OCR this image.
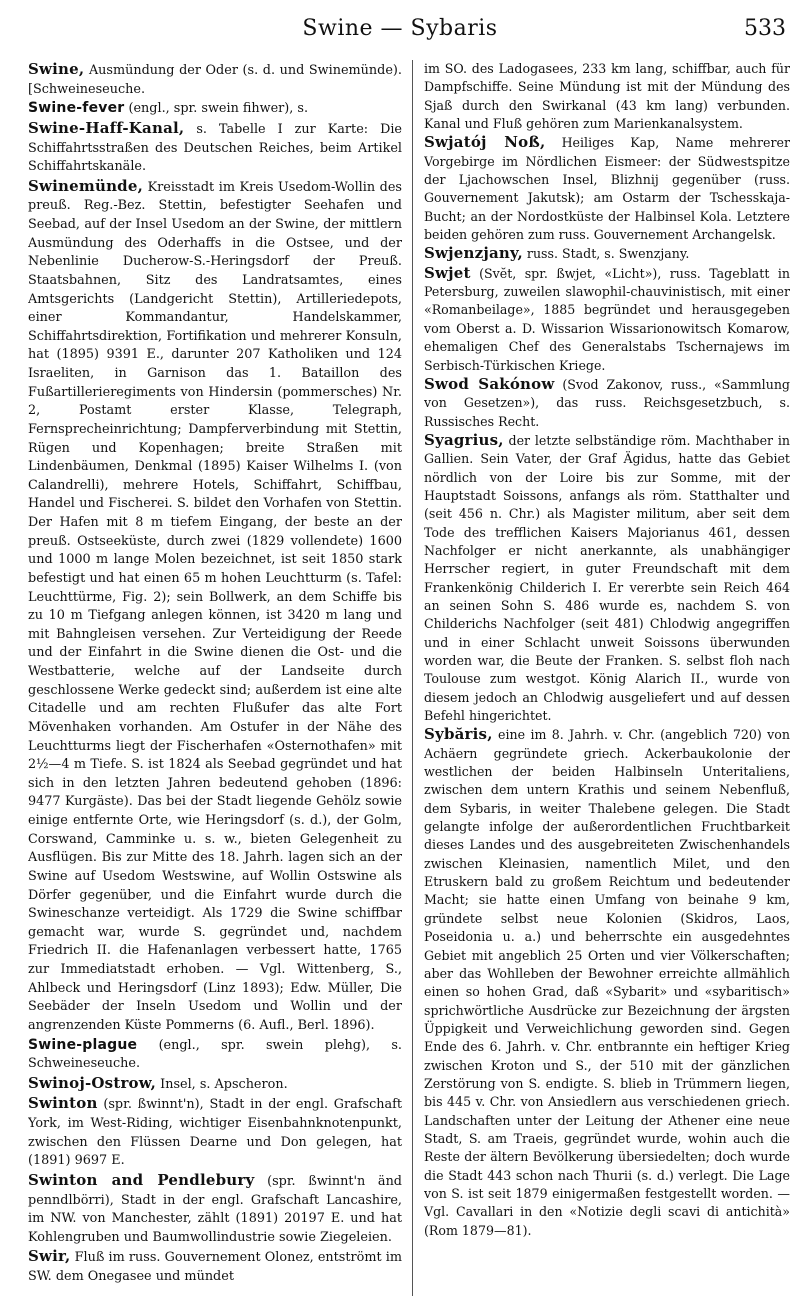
Swine — Sybaris	533

Swine, Ausmündung der Oder (s. d. und Swinemünde). [Schweineseuche.

Swine-fever (engl., spr. swein fihwer), s.

Swine-Haff-Kanal, s. Tabelle I zur Karte: Die Schiffahrtsstraßen des Deutschen Reiches, beim Artikel Schiffahrtskanäle.

Swinemünde, Kreisstadt im Kreis Usedom-Wollin des preuß. Reg.-Bez. Stettin, befestigter Seehafen und Seebad, auf der Insel Usedom an der Swine, der mittlern Ausmündung des Oderhaffs in die Ostsee, und der Nebenlinie Ducherow-S.-Heringsdorf der Preuß. Staatsbahnen, Sitz des Landratsamtes, eines Amtsgerichts (Landgericht Stettin), Artilleriedepots, einer Kommandantur, Handelskammer, Schiffahrtsdirektion, Fortifikation und mehrerer Konsuln, hat (1895) 9391 E., darunter 207 Katholiken und 124 Israeliten, in Garnison das 1. Bataillon des Fußartillerieregiments von Hindersin (pommersches) Nr. 2, Postamt erster Klasse, Telegraph, Fernsprecheinrichtung; Dampferverbindung mit Stettin, Rügen und Kopenhagen; breite Straßen mit Lindenbäumen, Denkmal (1895) Kaiser Wilhelms I. (von Calandrelli), mehrere Hotels, Schiffahrt, Schiffbau, Handel und Fischerei. S. bildet den Vorhafen von Stettin. Der Hafen mit 8 m tiefem Eingang, der beste an der preuß. Ostseeküste, durch zwei (1829 vollendete) 1600 und 1000 m lange Molen bezeichnet, ist seit 1850 stark befestigt und hat einen 65 m hohen Leuchtturm (s. Tafel: Leuchttürme, Fig. 2); sein Bollwerk, an dem Schiffe bis zu 10 m Tiefgang anlegen können, ist 3420 m lang und mit Bahngleisen versehen. Zur Verteidigung der Reede und der Einfahrt in die Swine dienen die Ost- und die Westbatterie, welche auf der Landseite durch geschlossene Werke gedeckt sind; außerdem ist eine alte Citadelle und am rechten Flußufer das alte Fort Mövenhaken vorhanden. Am Ostufer in der Nähe des Leuchtturms liegt der Fischerhafen «Osternothafen» mit 2½—4 m Tiefe. S. ist 1824 als Seebad gegründet und hat sich in den letzten Jahren bedeutend gehoben (1896: 9477 Kurgäste). Das bei der Stadt liegende Gehölz sowie einige entfernte Orte, wie Heringsdorf (s. d.), der Golm, Corswand, Camminke u. s. w., bieten Gelegenheit zu Ausflügen. Bis zur Mitte des 18. Jahrh. lagen sich an der Swine auf Usedom Westswine, auf Wollin Ostswine als Dörfer gegenüber, und die Einfahrt wurde durch die Swineschanze verteidigt. Als 1729 die Swine schiffbar gemacht war, wurde S. gegründet und, nachdem Friedrich II. die Hafenanlagen verbessert hatte, 1765 zur Immediatstadt erhoben. — Vgl. Wittenberg, S., Ahlbeck und Heringsdorf (Linz 1893); Edw. Müller, Die Seebäder der Inseln Usedom und Wollin und der angrenzenden Küste Pommerns (6. Aufl., Berl. 1896).

Swine-plague (engl., spr. swein plehg), s. Schweineseuche.

Swinoj-Ostrow, Insel, s. Apscheron.

Swinton (spr. ßwinnt'n), Stadt in der engl. Grafschaft York, im West-Riding, wichtiger Eisenbahnknotenpunkt, zwischen den Flüssen Dearne und Don gelegen, hat (1891) 9697 E.

Swinton and Pendlebury (spr. ßwinnt'n änd penndlbörri), Stadt in der engl. Grafschaft Lancashire, im NW. von Manchester, zählt (1891) 20197 E. und hat Kohlengruben und Baumwollindustrie sowie Ziegeleien.

Swir, Fluß im russ. Gouvernement Olonez, entströmt im SW. dem Onegasee und mündet

im SO. des Ladogasees, 233 km lang, schiffbar, auch für Dampfschiffe. Seine Mündung ist mit der Mündung des Sjaß durch den Swirkanal (43 km lang) verbunden. Kanal und Fluß gehören zum Marienkanalsystem.

Swjatój Noß, Heiliges Kap, Name mehrerer Vorgebirge im Nördlichen Eismeer: der Südwestspitze der Ljachowschen Insel, Blizhnij gegenüber (russ. Gouvernement Jakutsk); am Ostarm der Tschesskaja-Bucht; an der Nordostküste der Halbinsel Kola. Letztere beiden gehören zum russ. Gouvernement Archangelsk.

Swjenzjany, russ. Stadt, s. Swenzjany.

Swjet (Svĕt, spr. ßwjet, «Licht»), russ. Tageblatt in Petersburg, zuweilen slawophil-chauvinistisch, mit einer «Romanbeilage», 1885 begründet und herausgegeben vom Oberst a. D. Wissarion Wissarionowitsch Komarow, ehemaligen Chef des Generalstabs Tschernajews im Serbisch-Türkischen Kriege.

Swod Sakónow (Svod Zakonov, russ., «Sammlung von Gesetzen»), das russ. Reichsgesetzbuch, s. Russisches Recht.

Syagrius, der letzte selbständige röm. Machthaber in Gallien. Sein Vater, der Graf Ägidus, hatte das Gebiet nördlich von der Loire bis zur Somme, mit der Hauptstadt Soissons, anfangs als röm. Statthalter und (seit 456 n. Chr.) als Magister militum, aber seit dem Tode des trefflichen Kaisers Majorianus 461, dessen Nachfolger er nicht anerkannte, als unabhängiger Herrscher regiert, in guter Freundschaft mit dem Frankenkönig Childerich I. Er vererbte sein Reich 464 an seinen Sohn S. 486 wurde es, nachdem S. von Childerichs Nachfolger (seit 481) Chlodwig angegriffen und in einer Schlacht unweit Soissons überwunden worden war, die Beute der Franken. S. selbst floh nach Toulouse zum westgot. König Alarich II., wurde von diesem jedoch an Chlodwig ausgeliefert und auf dessen Befehl hingerichtet.

Sybăris, eine im 8. Jahrh. v. Chr. (angeblich 720) von Achäern gegründete griech. Ackerbaukolonie der westlichen der beiden Halbinseln Unteritaliens, zwischen dem untern Krathis und seinem Nebenfluß, dem Sybaris, in weiter Thalebene gelegen. Die Stadt gelangte infolge der außerordentlichen Fruchtbarkeit dieses Landes und des ausgebreiteten Zwischenhandels zwischen Kleinasien, namentlich Milet, und den Etruskern bald zu großem Reichtum und bedeutender Macht; sie hatte einen Umfang von beinahe 9 km, gründete selbst neue Kolonien (Skidros, Laos, Poseidonia u. a.) und beherrschte ein ausgedehntes Gebiet mit angeblich 25 Orten und vier Völkerschaften; aber das Wohlleben der Bewohner erreichte allmählich einen so hohen Grad, daß «Sybarit» und «sybaritisch» sprichwörtliche Ausdrücke zur Bezeichnung der ärgsten Üppigkeit und Verweichlichung geworden sind. Gegen Ende des 6. Jahrh. v. Chr. entbrannte ein heftiger Krieg zwischen Kroton und S., der 510 mit der gänzlichen Zerstörung von S. endigte. S. blieb in Trümmern liegen, bis 445 v. Chr. von Ansiedlern aus verschiedenen griech. Landschaften unter der Leitung der Athener eine neue Stadt, S. am Traeis, gegründet wurde, wohin auch die Reste der ältern Bevölkerung übersiedelten; doch wurde die Stadt 443 schon nach Thurii (s. d.) verlegt. Die Lage von S. ist seit 1879 einigermaßen festgestellt worden. — Vgl. Cavallari in den «Notizie degli scavi di antichità» (Rom 1879—81).
